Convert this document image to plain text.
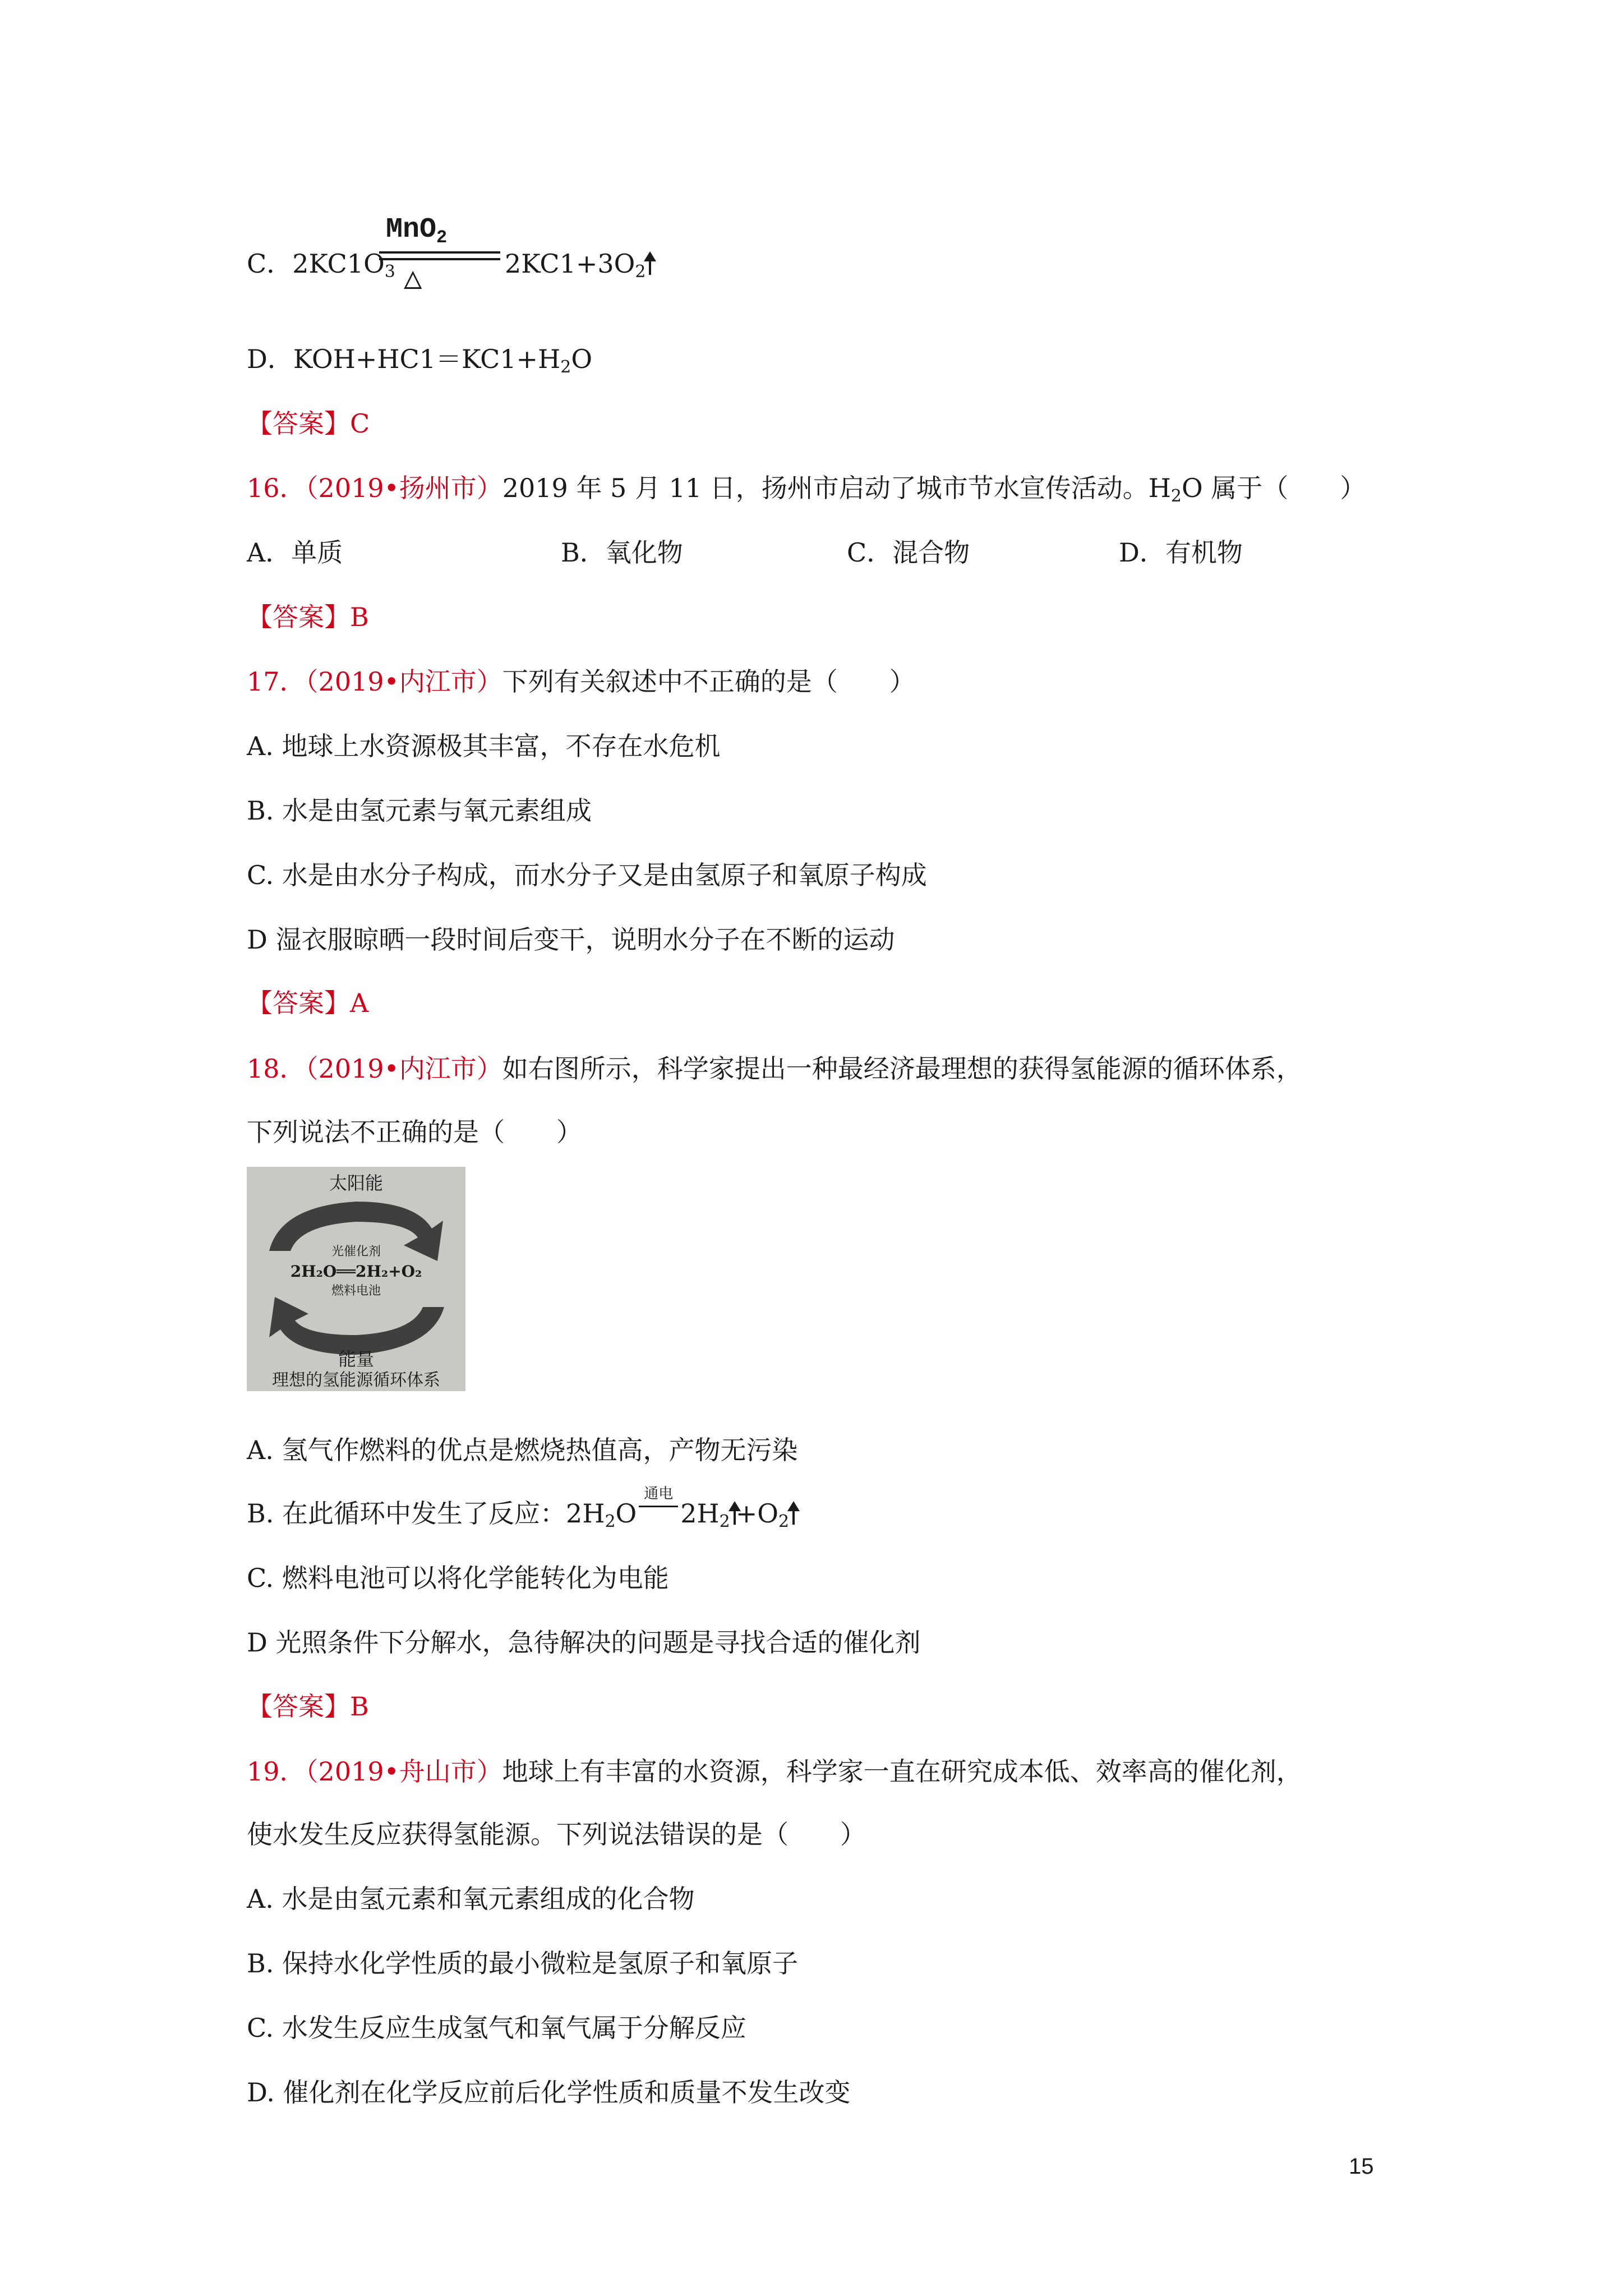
C．$2KC1O_3$
MnO$_2$
△	$2KC1+3O_2$
D．$KOH+HC1=KC1+H_2O$
【答案】C
16．（2019•扬州市）2019 年 5 月 11 日，扬州市启动了城市节水宣传活动。$H_2O$ 属于（　　）
A．单质	B．氧化物	C．混合物	D．有机物
【答案】B
17．（2019•内江市）下列有关叙述中不正确的是（　　）
A. 地球上水资源极其丰富，不存在水危机
B. 水是由氢元素与氧元素组成
C. 水是由水分子构成，而水分子又是由氢原子和氧原子构成
D 湿衣服晾晒一段时间后变干，说明水分子在不断的运动
【答案】A
18．（2019•内江市）如右图所示，科学家提出一种最经济最理想的获得氢能源的循环体系，
下列说法不正确的是（　　）
太阳能
光催化剂
2H₂O══2H₂+O₂
燃料电池
能量
理想的氢能源循环体系
A. 氢气作燃料的优点是燃烧热值高，产物无污染
B. 在此循环中发生了反应：$2H_2O$
通电
$2H_2 +O_2$
C. 燃料电池可以将化学能转化为电能
D 光照条件下分解水，急待解决的问题是寻找合适的催化剂
【答案】B
19．（2019•舟山市）地球上有丰富的水资源，科学家一直在研究成本低、效率高的催化剂，
使水发生反应获得氢能源。下列说法错误的是（　　）
A. 水是由氢元素和氧元素组成的化合物
B. 保持水化学性质的最小微粒是氢原子和氧原子
C. 水发生反应生成氢气和氧气属于分解反应
D. 催化剂在化学反应前后化学性质和质量不发生改变
15
